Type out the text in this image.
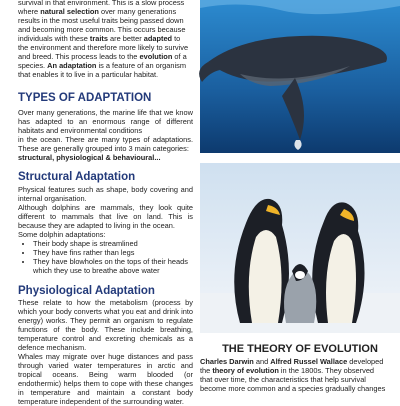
survival in that environment. This is a slow process

where natural selection over many generations

results in the most useful traits being passed down

and becoming more common. This occurs because

individuals with these traits are better adapted to

the environment and therefore more likely to survive

and breed. This process leads to the evolution of a

species. An adaptation is a feature of an organism

that enables it to live in a particular habitat.

TYPES OF ADAPTATION

Over many generations, the marine life that we know has adapted to an enormous range of different habitats and environmental conditions

in the ocean. There are many types of adaptations. These are generally grouped into 3 main categories:

structural, physiological & behavioural...

Structural Adaptation

Physical features such as shape, body covering and internal organisation.

Although dolphins are mammals, they look quite different to mammals that live on land. This is because they are adapted to living in the ocean.

Some dolphin adaptations:

• Their body shape is streamlined
• They have fins rather than legs
• They have blowholes on the tops of their heads which they use to breathe above water
Physiological Adaptation

These relate to how the metabolism (process by which your body converts what you eat and drink into energy) works. They permit an organism to regulate functions of the body. These include breathing, temperature control and excreting chemicals as a defence mechanism.

Whales may migrate over huge distances and pass through varied water temperatures in arctic and tropical oceans. Being warm blooded (or endothermic) helps them to cope with these changes in temperature and maintain a constant body temperature independent of the surrounding water.

THE THEORY OF EVOLUTION

Charles Darwin and Alfred Russel Wallace developed

the theory of evolution in the 1800s. They observed

that over time, the characteristics that help survival

become more common and a species gradually changes
